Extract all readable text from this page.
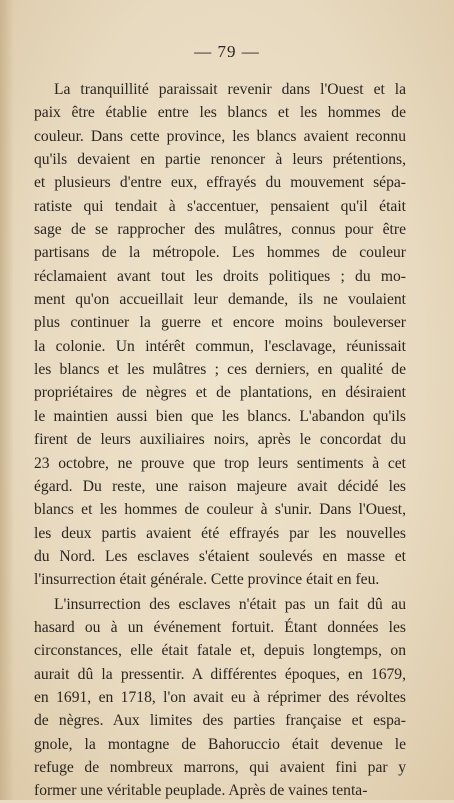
— 79 —
La tranquillité paraissait revenir dans l'Ouest et la
paix être établie entre les blancs et les hommes de
couleur. Dans cette province, les blancs avaient reconnu
qu'ils devaient en partie renoncer à leurs prétentions,
et plusieurs d'entre eux, effrayés du mouvement sépa-
ratiste qui tendait à s'accentuer, pensaient qu'il était
sage de se rapprocher des mulâtres, connus pour être
partisans de la métropole. Les hommes de couleur
réclamaient avant tout les droits politiques ; du mo-
ment qu'on accueillait leur demande, ils ne voulaient
plus continuer la guerre et encore moins bouleverser
la colonie. Un intérêt commun, l'esclavage, réunissait
les blancs et les mulâtres ; ces derniers, en qualité de
propriétaires de nègres et de plantations, en désiraient
le maintien aussi bien que les blancs. L'abandon qu'ils
firent de leurs auxiliaires noirs, après le concordat du
23 octobre, ne prouve que trop leurs sentiments à cet
égard. Du reste, une raison majeure avait décidé les
blancs et les hommes de couleur à s'unir. Dans l'Ouest,
les deux partis avaient été effrayés par les nouvelles
du Nord. Les esclaves s'étaient soulevés en masse et
l'insurrection était générale. Cette province était en feu.
L'insurrection des esclaves n'était pas un fait dû au
hasard ou à un événement fortuit. Étant données les
circonstances, elle était fatale et, depuis longtemps, on
aurait dû la pressentir. A différentes époques, en 1679,
en 1691, en 1718, l'on avait eu à réprimer des révoltes
de nègres. Aux limites des parties française et espa-
gnole, la montagne de Bahoruccio était devenue le
refuge de nombreux marrons, qui avaient fini par y
former une véritable peuplade. Après de vaines tenta-
